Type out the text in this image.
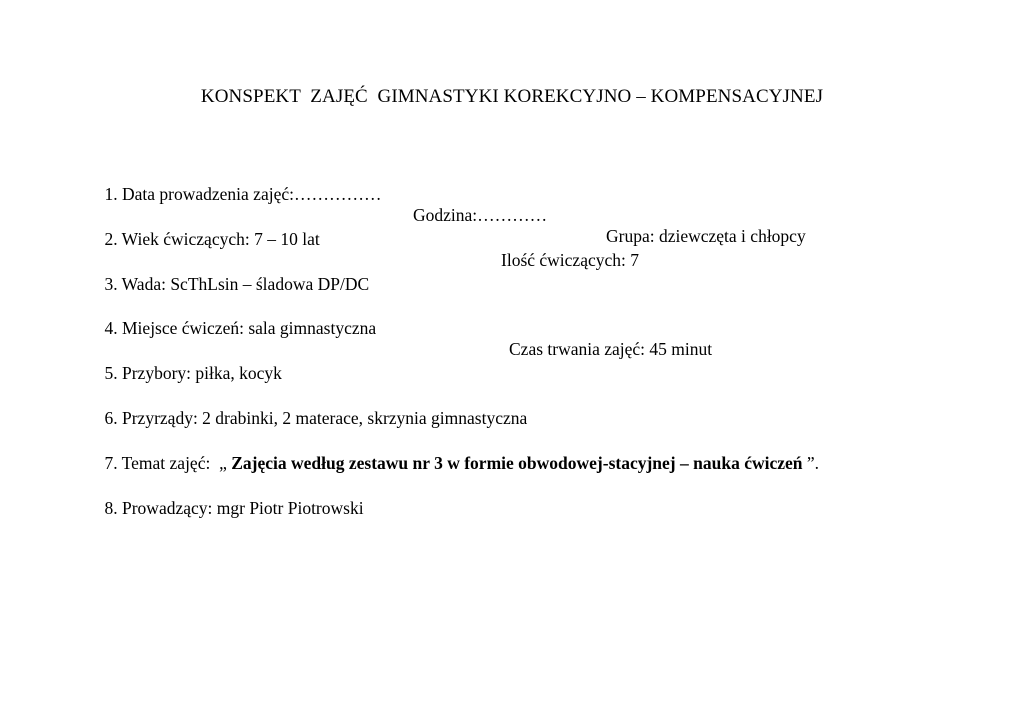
KONSPEKT  ZAJĘĆ  GIMNASTYKI KOREKCYJNO – KOMPENSACYJNEJ

1. Data prowadzenia zajęć:……………

Godzina:…………

Grupa: dziewczęta i chłopcy

2. Wiek ćwiczących: 7 – 10 lat

Ilość ćwiczących: 7

3. Wada: ScThLsin – śladowa DP/DC

4. Miejsce ćwiczeń: sala gimnastyczna

Czas trwania zajęć: 45 minut

5. Przybory: piłka, kocyk

6. Przyrządy: 2 drabinki, 2 materace, skrzynia gimnastyczna

7. Temat zajęć:  „ Zajęcia według zestawu nr 3 w formie obwodowej-stacyjnej – nauka ćwiczeń ”.

8. Prowadzący: mgr Piotr Piotrowski
